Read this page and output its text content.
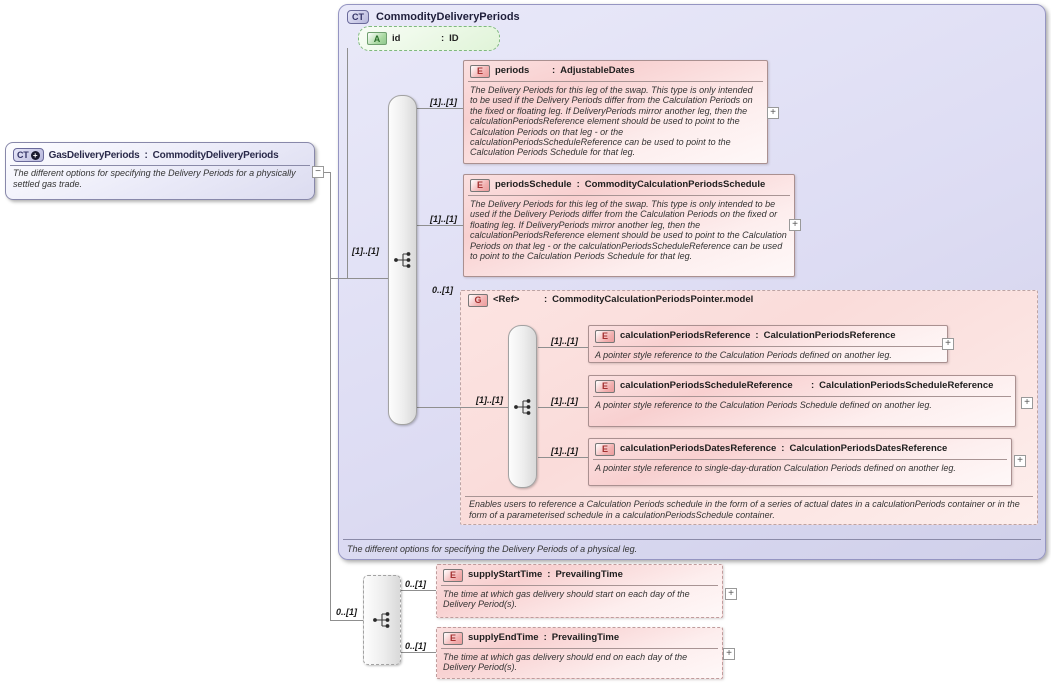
CT	CommodityDeliveryPeriods
The different options for specifying the Delivery Periods of a physical leg.
G	<Ref>	: CommodityCalculationPeriodsPointer.model
Enables users to reference a Calculation Periods schedule in the form of a series of actual dates in a calculationPeriods container or in the form of a parameterised schedule in a calculationPeriodsSchedule container.
[1]..[1]
[1]..[1]
[1]..[1]
0..[1]
[1]..[1]
[1]..[1]
[1]..[1]
[1]..[1]
0..[1]
0..[1]
0..[1]
A	id	: ID
E	periods	: AdjustableDates
The Delivery Periods for this leg of the swap. This type is only intended to be used if the Delivery Periods differ from the Calculation Periods on the fixed or floating leg. If DeliveryPeriods mirror another leg, then the calculationPeriodsReference element should be used to point to the Calculation Periods on that leg - or the calculationPeriodsScheduleReference can be used to point to the Calculation Periods Schedule for that leg.
E	periodsSchedule : CommodityCalculationPeriodsSchedule
The Delivery Periods for this leg of the swap. This type is only intended to be used if the Delivery Periods differ from the Calculation Periods on the fixed or floating leg. If DeliveryPeriods mirror another leg, then the calculationPeriodsReference element should be used to point to the Calculation Periods on that leg - or the calculationPeriodsScheduleReference can be used to point to the Calculation Periods Schedule for that leg.
E	calculationPeriodsReference : CalculationPeriodsReference
A pointer style reference to the Calculation Periods defined on another leg.
E	calculationPeriodsScheduleReference	: CalculationPeriodsScheduleReference
A pointer style reference to the Calculation Periods Schedule defined on another leg.
E	calculationPeriodsDatesReference : CalculationPeriodsDatesReference
A pointer style reference to single-day-duration Calculation Periods defined on another leg.
E	supplyStartTime : PrevailingTime
The time at which gas delivery should start on each day of the Delivery Period(s).
E	supplyEndTime : PrevailingTime
The time at which gas delivery should end on each day of the Delivery Period(s).
CT + GasDeliveryPeriods : CommodityDeliveryPeriods
The different options for specifying the Delivery Periods for a physically settled gas trade.
−
+
+
+
+
+
+
+
